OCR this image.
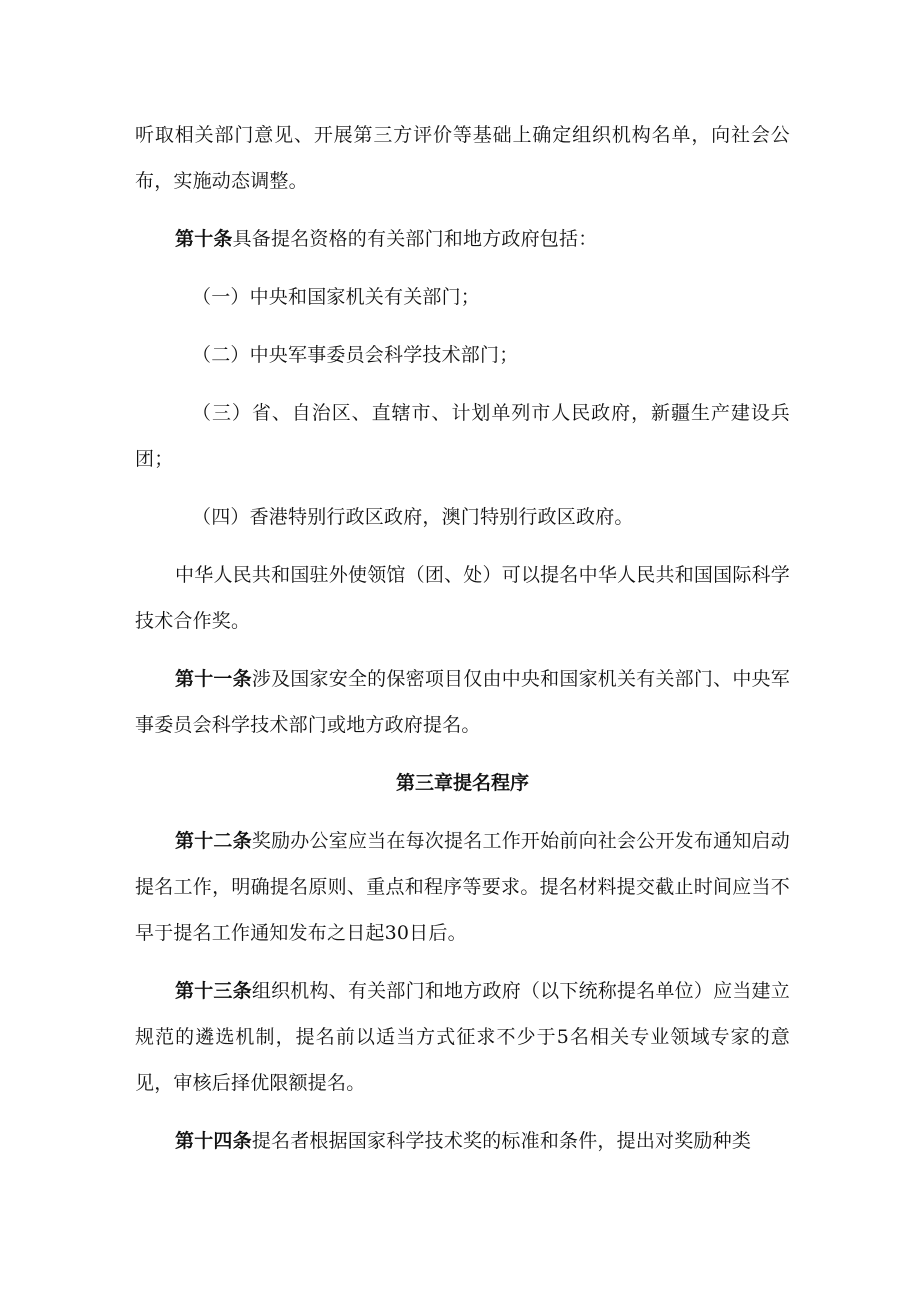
听取相关部门意见、开展第三方评价等基础上确定组织机构名单，向社会公布，实施动态调整。

第十条具备提名资格的有关部门和地方政府包括：

（一）中央和国家机关有关部门；

（二）中央军事委员会科学技术部门；

（三）省、自治区、直辖市、计划单列市人民政府，新疆生产建设兵团；

（四）香港特别行政区政府，澳门特别行政区政府。

中华人民共和国驻外使领馆（团、处）可以提名中华人民共和国国际科学技术合作奖。

第十一条涉及国家安全的保密项目仅由中央和国家机关有关部门、中央军事委员会科学技术部门或地方政府提名。

第三章提名程序

第十二条奖励办公室应当在每次提名工作开始前向社会公开发布通知启动提名工作，明确提名原则、重点和程序等要求。提名材料提交截止时间应当不早于提名工作通知发布之日起30日后。

第十三条组织机构、有关部门和地方政府（以下统称提名单位）应当建立规范的遴选机制，提名前以适当方式征求不少于5名相关专业领域专家的意见，审核后择优限额提名。

第十四条提名者根据国家科学技术奖的标准和条件，提出对奖励种类
